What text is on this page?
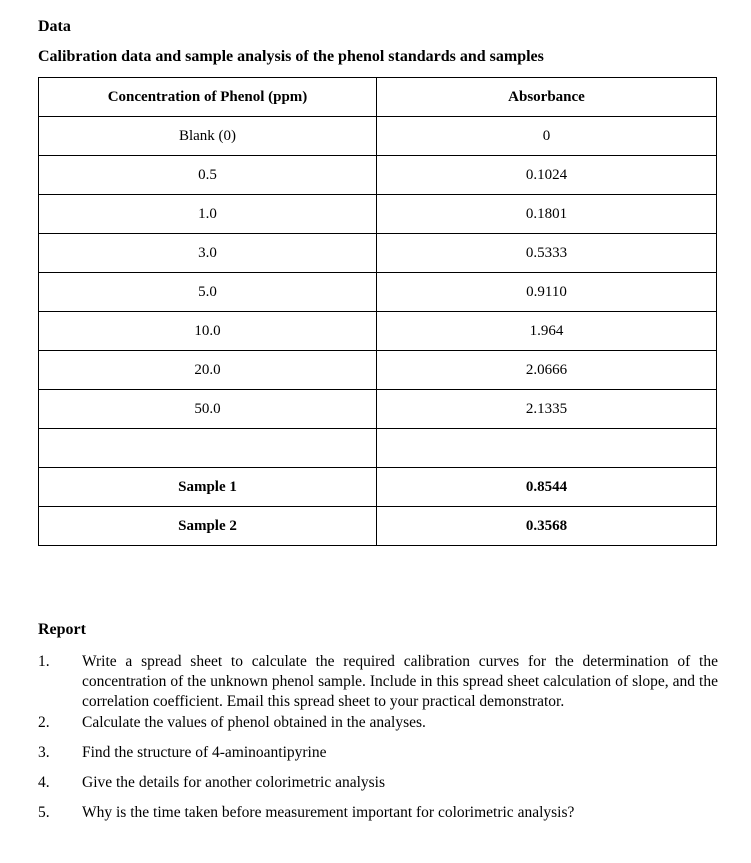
Data
Calibration data and sample analysis of the phenol standards and samples
Concentration of Phenol (ppm)	Absorbance
Blank (0)	0
0.5	0.1024
1.0	0.1801
3.0	0.5333
5.0	0.9110
10.0	1.964
20.0	2.0666
50.0	2.1335

Sample 1	0.8544
Sample 2	0.3568
Report
1.	Write a spread sheet to calculate the required calibration curves for the determination of the concentration of the unknown phenol sample. Include in this spread sheet calculation of slope, and the correlation coefficient. Email this spread sheet to your practical demonstrator.
2.	Calculate the values of phenol obtained in the analyses.
3.	Find the structure of 4-aminoantipyrine
4.	Give the details for another colorimetric analysis
5.	Why is the time taken before measurement important for colorimetric analysis?
